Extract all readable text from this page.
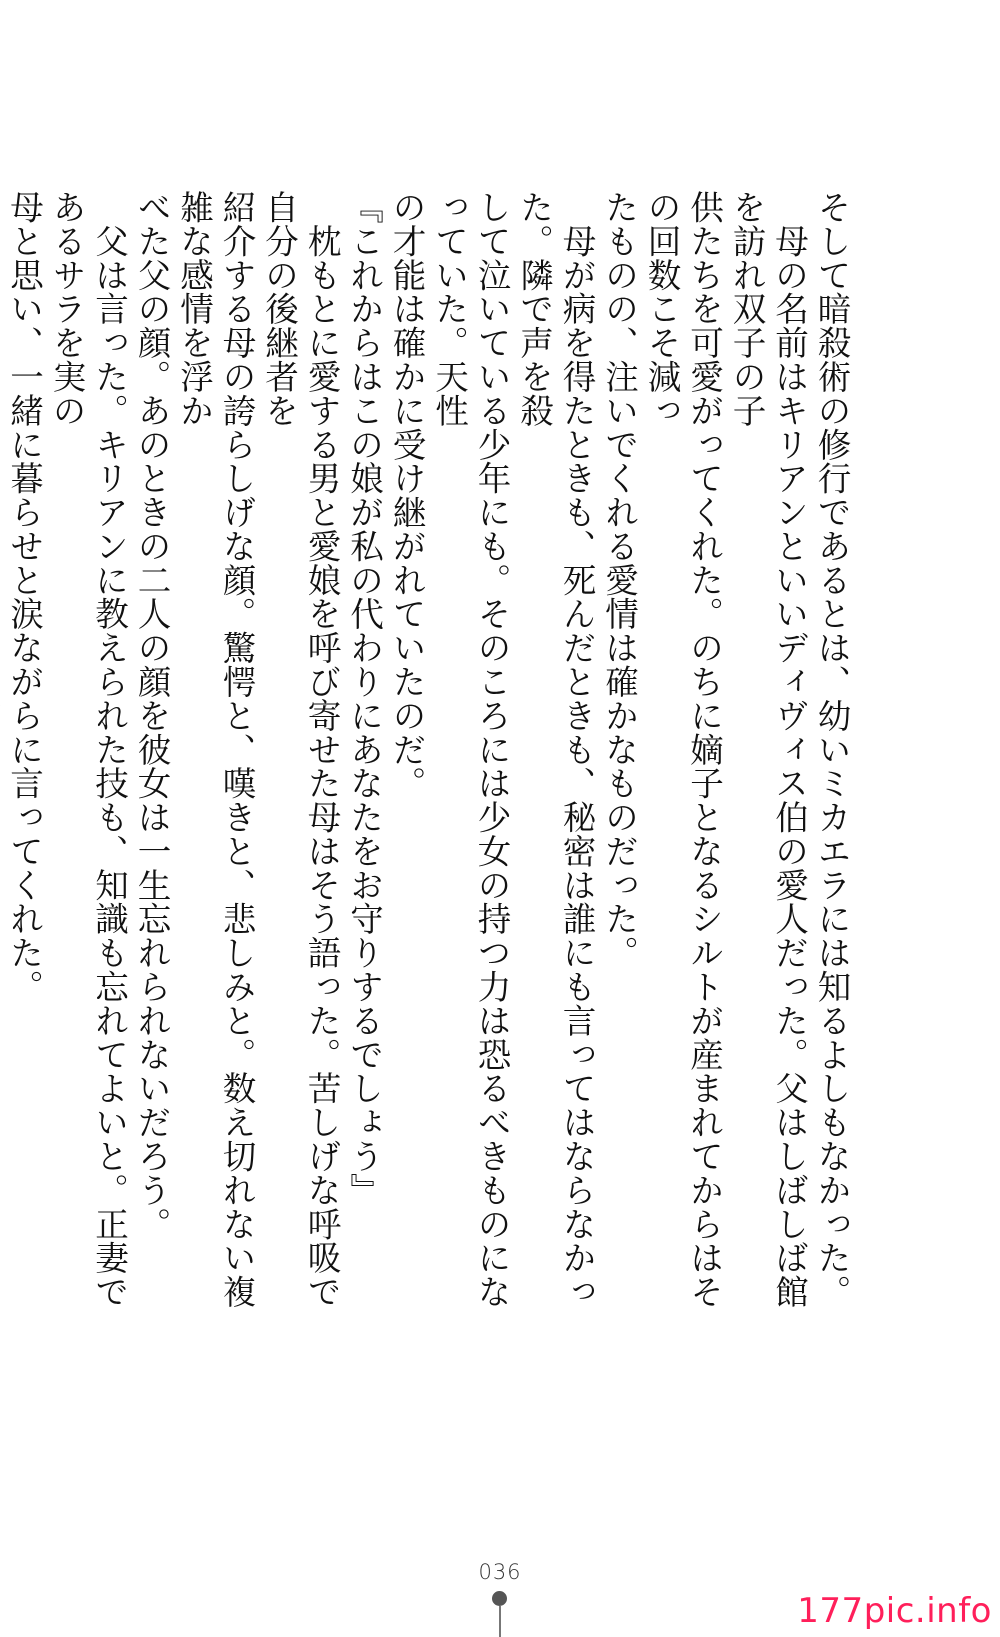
そして暗殺術の修行であるとは、幼いミカエラには知るよしもなかった。
　母の名前はキリアンといいディヴィス伯の愛人だった。父はしばしば館を訪れ双子の子
供たちを可愛がってくれた。のちに嫡子となるシルトが産まれてからはその回数こそ減っ
たものの、注いでくれる愛情は確かなものだった。
　母が病を得たときも、死んだときも、秘密は誰にも言ってはならなかった。隣で声を殺
して泣いている少年にも。そのころには少女の持つ力は恐るべきものになっていた。天性
の才能は確かに受け継がれていたのだ。
『これからはこの娘が私の代わりにあなたをお守りするでしょう』
　枕もとに愛する男と愛娘を呼び寄せた母はそう語った。苦しげな呼吸で自分の後継者を
紹介する母の誇らしげな顔。驚愕と、嘆きと、悲しみと。数え切れない複雑な感情を浮か
べた父の顔。あのときの二人の顔を彼女は一生忘れられないだろう。
　父は言った。キリアンに教えられた技も、知識も忘れてよいと。正妻であるサラを実の
母と思い、一緒に暮らせと涙ながらに言ってくれた。
036
177pic.info
